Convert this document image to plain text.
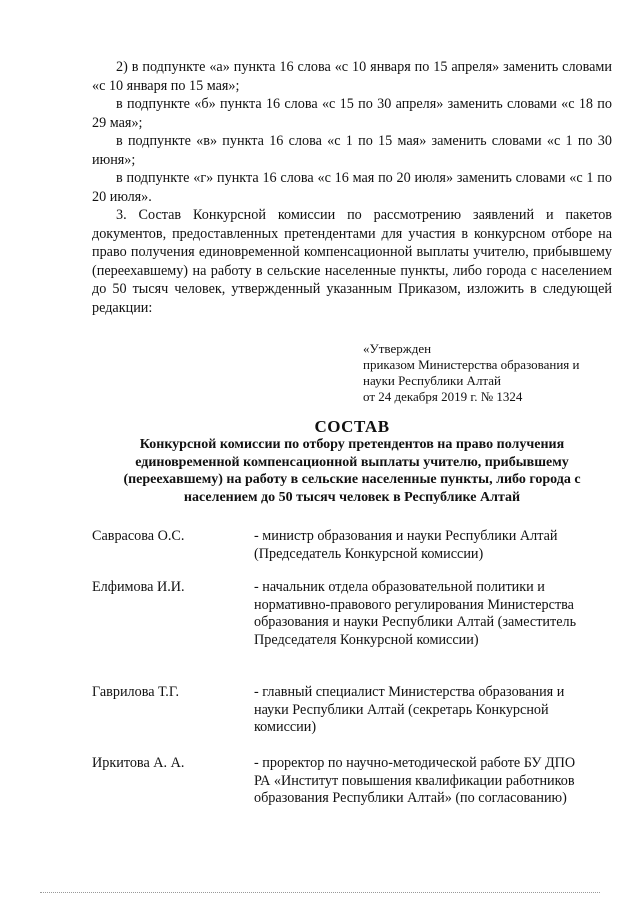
2) в подпункте «а» пункта 16 слова «с 10 января по 15 апреля» заменить словами «с 10 января по 15 мая»;

в подпункте «б» пункта 16 слова «с 15 по 30 апреля» заменить словами «с 18 по 29 мая»;

в подпункте «в» пункта 16 слова «с 1 по 15 мая» заменить словами «с 1 по 30 июня»;

в подпункте «г» пункта 16 слова «с 16 мая по 20 июля» заменить словами «с 1 по 20 июля».

3. Состав Конкурсной комиссии по рассмотрению заявлений и пакетов документов, предоставленных претендентами для участия в конкурсном отборе на право получения единовременной компенсационной выплаты учителю, прибывшему (переехавшему) на работу в сельские населенные пункты, либо города с населением до 50 тысяч человек, утвержденный указанным Приказом, изложить в следующей редакции:

«Утвержден
приказом Министерства образования и
науки Республики Алтай
от 24 декабря 2019 г. № 1324
СОСТАВ
Конкурсной комиссии по отбору претендентов на право получения единовременной компенсационной выплаты учителю, прибывшему (переехавшему) на работу в сельские населенные пункты, либо города с населением до 50 тысяч человек в Республике Алтай
Саврасова О.С.	- министр образования и науки Республики Алтай (Председатель Конкурсной комиссии)
Елфимова И.И.	- начальник отдела образовательной политики и нормативно-правового регулирования Министерства образования и науки Республики Алтай (заместитель Председателя Конкурсной комиссии)
Гаврилова Т.Г.	- главный специалист Министерства образования и науки Республики Алтай (секретарь Конкурсной комиссии)
Иркитова А. А.	- проректор по научно-методической работе БУ ДПО РА «Институт повышения квалификации работников образования Республики Алтай» (по согласованию)
